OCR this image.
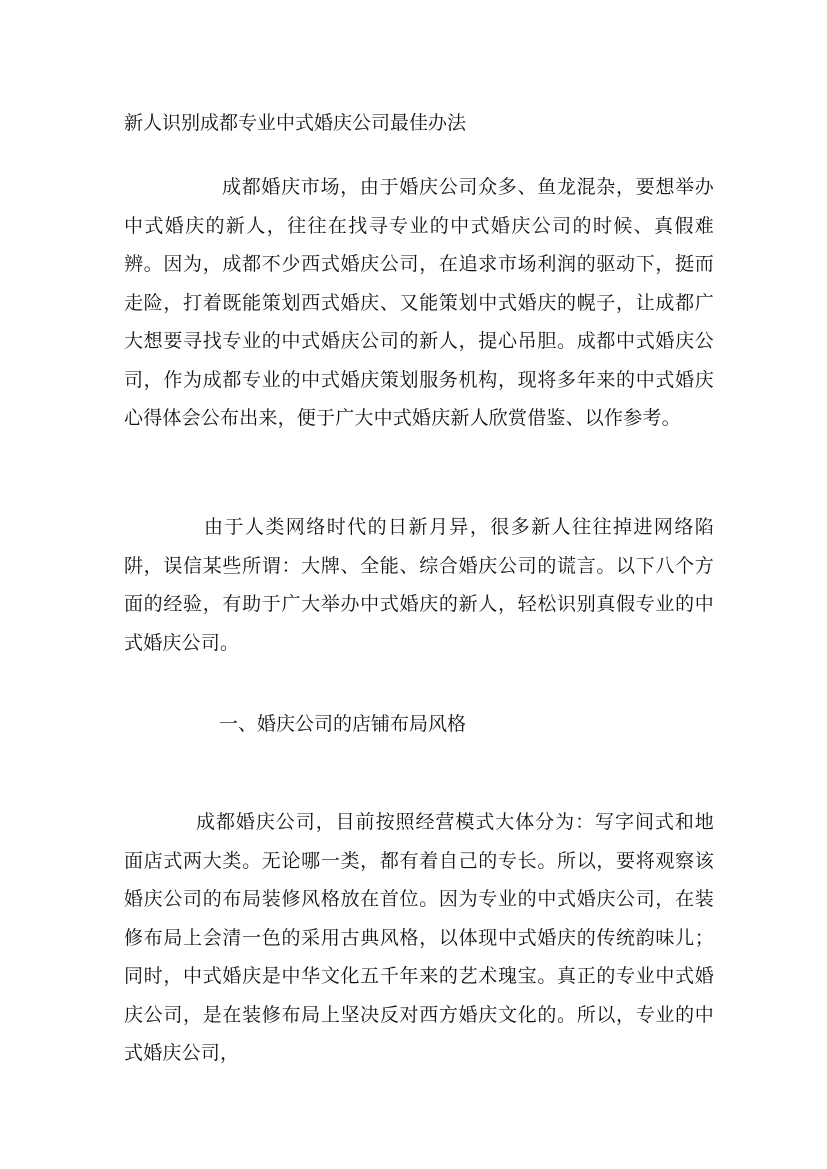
新人识别成都专业中式婚庆公司最佳办法

成都婚庆市场，由于婚庆公司众多、鱼龙混杂，要想举办中式婚庆的新人，往往在找寻专业的中式婚庆公司的时候、真假难辨。因为，成都不少西式婚庆公司，在追求市场利润的驱动下，挺而走险，打着既能策划西式婚庆、又能策划中式婚庆的幌子，让成都广大想要寻找专业的中式婚庆公司的新人，提心吊胆。成都中式婚庆公司，作为成都专业的中式婚庆策划服务机构，现将多年来的中式婚庆心得体会公布出来，便于广大中式婚庆新人欣赏借鉴、以作参考。

由于人类网络时代的日新月异，很多新人往往掉进网络陷阱，误信某些所谓：大牌、全能、综合婚庆公司的谎言。以下八个方面的经验，有助于广大举办中式婚庆的新人，轻松识别真假专业的中式婚庆公司。

一、婚庆公司的店铺布局风格

成都婚庆公司，目前按照经营模式大体分为：写字间式和地面店式两大类。无论哪一类，都有着自己的专长。所以，要将观察该婚庆公司的布局装修风格放在首位。因为专业的中式婚庆公司，在装修布局上会清一色的采用古典风格，以体现中式婚庆的传统韵味儿；同时，中式婚庆是中华文化五千年来的艺术瑰宝。真正的专业中式婚庆公司，是在装修布局上坚决反对西方婚庆文化的。所以，专业的中式婚庆公司，
